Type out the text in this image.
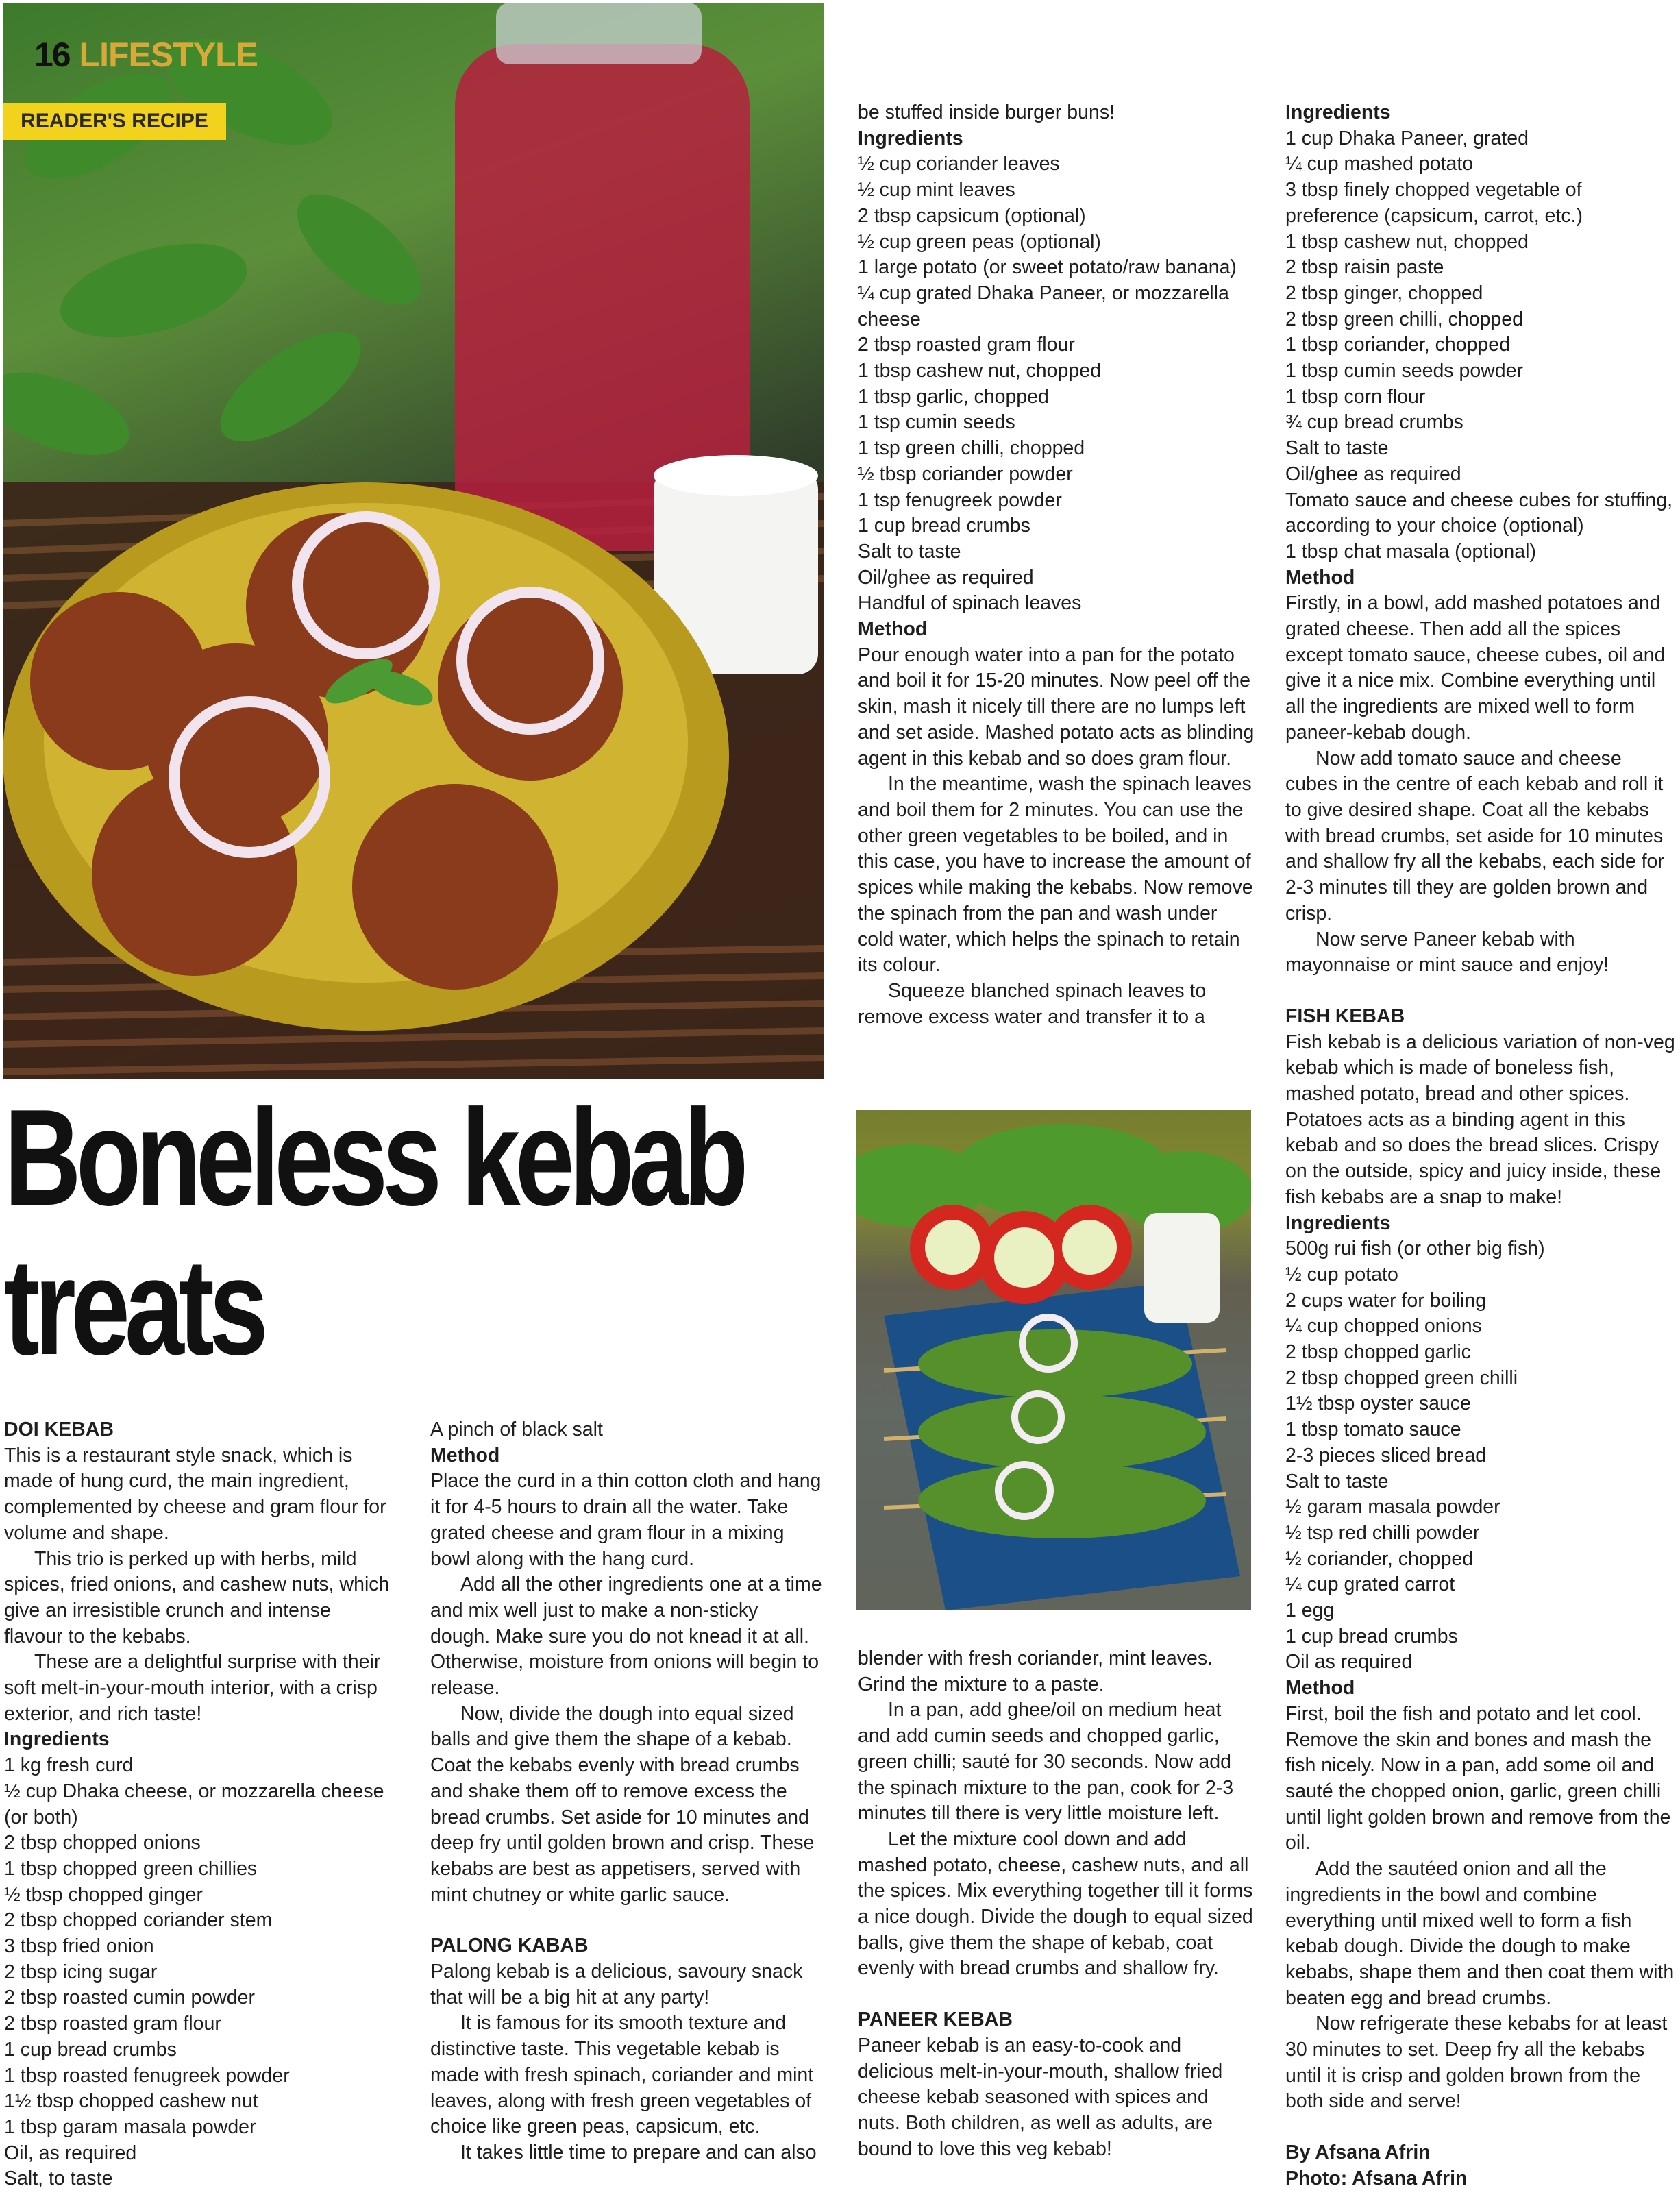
16 LIFESTYLE
READER'S RECIPE
Boneless kebab
treats

DOI KEBAB

This is a restaurant style snack, which is made of hung curd, the main ingredient, complemented by cheese and gram flour for volume and shape.

This trio is perked up with herbs, mild spices, fried onions, and cashew nuts, which give an irresistible crunch and intense flavour to the kebabs.

These are a delightful surprise with their soft melt-in-your-mouth interior, with a crisp exterior, and rich taste!

Ingredients

1 kg fresh curd

½ cup Dhaka cheese, or mozzarella cheese (or both)

2 tbsp chopped onions

1 tbsp chopped green chillies

½ tbsp chopped ginger

2 tbsp chopped coriander stem

3 tbsp fried onion

2 tbsp icing sugar

2 tbsp roasted cumin powder

2 tbsp roasted gram flour

1 cup bread crumbs

1 tbsp roasted fenugreek powder

1½ tbsp chopped cashew nut

1 tbsp garam masala powder

Oil, as required

Salt, to taste

A pinch of black salt

Method

Place the curd in a thin cotton cloth and hang it for 4-5 hours to drain all the water. Take grated cheese and gram flour in a mixing bowl along with the hang curd.

Add all the other ingredients one at a time and mix well just to make a non-sticky dough. Make sure you do not knead it at all. Otherwise, moisture from onions will begin to release.

Now, divide the dough into equal sized balls and give them the shape of a kebab. Coat the kebabs evenly with bread crumbs and shake them off to remove excess the bread crumbs. Set aside for 10 minutes and deep fry until golden brown and crisp. These kebabs are best as appetisers, served with mint chutney or white garlic sauce.

PALONG KABAB

Palong kebab is a delicious, savoury snack that will be a big hit at any party!

It is famous for its smooth texture and distinctive taste. This vegetable kebab is made with fresh spinach, coriander and mint leaves, along with fresh green vegetables of choice like green peas, capsicum, etc.

It takes little time to prepare and can also

be stuffed inside burger buns!

Ingredients

½ cup coriander leaves

½ cup mint leaves

2 tbsp capsicum (optional)

½ cup green peas (optional)

1 large potato (or sweet potato/raw banana)

¼ cup grated Dhaka Paneer, or mozzarella cheese

2 tbsp roasted gram flour

1 tbsp cashew nut, chopped

1 tbsp garlic, chopped

1 tsp cumin seeds

1 tsp green chilli, chopped

½ tbsp coriander powder

1 tsp fenugreek powder

1 cup bread crumbs

Salt to taste

Oil/ghee as required

Handful of spinach leaves

Method

Pour enough water into a pan for the potato and boil it for 15-20 minutes. Now peel off the skin, mash it nicely till there are no lumps left and set aside. Mashed potato acts as blinding agent in this kebab and so does gram flour.

In the meantime, wash the spinach leaves and boil them for 2 minutes. You can use the other green vegetables to be boiled, and in this case, you have to increase the amount of spices while making the kebabs. Now remove the spinach from the pan and wash under cold water, which helps the spinach to retain its colour.

Squeeze blanched spinach leaves to remove excess water and transfer it to a

blender with fresh coriander, mint leaves. Grind the mixture to a paste.

In a pan, add ghee/oil on medium heat and add cumin seeds and chopped garlic, green chilli; sauté for 30 seconds. Now add the spinach mixture to the pan, cook for 2-3 minutes till there is very little moisture left.

Let the mixture cool down and add mashed potato, cheese, cashew nuts, and all the spices. Mix everything together till it forms a nice dough. Divide the dough to equal sized balls, give them the shape of kebab, coat evenly with bread crumbs and shallow fry.

PANEER KEBAB

Paneer kebab is an easy-to-cook and delicious melt-in-your-mouth, shallow fried cheese kebab seasoned with spices and nuts. Both children, as well as adults, are bound to love this veg kebab!

Ingredients

1 cup Dhaka Paneer, grated

¼ cup mashed potato

3 tbsp finely chopped vegetable of preference (capsicum, carrot, etc.)

1 tbsp cashew nut, chopped

2 tbsp raisin paste

2 tbsp ginger, chopped

2 tbsp green chilli, chopped

1 tbsp coriander, chopped

1 tbsp cumin seeds powder

1 tbsp corn flour

¾ cup bread crumbs

Salt to taste

Oil/ghee as required

Tomato sauce and cheese cubes for stuffing, according to your choice (optional)

1 tbsp chat masala (optional)

Method

Firstly, in a bowl, add mashed potatoes and grated cheese. Then add all the spices except tomato sauce, cheese cubes, oil and give it a nice mix. Combine everything until all the ingredients are mixed well to form paneer-kebab dough.

Now add tomato sauce and cheese cubes in the centre of each kebab and roll it to give desired shape. Coat all the kebabs with bread crumbs, set aside for 10 minutes and shallow fry all the kebabs, each side for 2-3 minutes till they are golden brown and crisp.

Now serve Paneer kebab with mayonnaise or mint sauce and enjoy!

FISH KEBAB

Fish kebab is a delicious variation of non-veg kebab which is made of boneless fish, mashed potato, bread and other spices. Potatoes acts as a binding agent in this kebab and so does the bread slices. Crispy on the outside, spicy and juicy inside, these fish kebabs are a snap to make!

Ingredients

500g rui fish (or other big fish)

½ cup potato

2 cups water for boiling

¼ cup chopped onions

2 tbsp chopped garlic

2 tbsp chopped green chilli

1½ tbsp oyster sauce

1 tbsp tomato sauce

2-3 pieces sliced bread

Salt to taste

½ garam masala powder

½ tsp red chilli powder

½ coriander, chopped

¼ cup grated carrot

1 egg

1 cup bread crumbs

Oil as required

Method

First, boil the fish and potato and let cool. Remove the skin and bones and mash the fish nicely. Now in a pan, add some oil and sauté the chopped onion, garlic, green chilli until light golden brown and remove from the oil.

Add the sautéed onion and all the ingredients in the bowl and combine everything until mixed well to form a fish kebab dough. Divide the dough to make kebabs, shape them and then coat them with beaten egg and bread crumbs.

Now refrigerate these kebabs for at least 30 minutes to set. Deep fry all the kebabs until it is crisp and golden brown from the both side and serve!

By Afsana Afrin

Photo: Afsana Afrin
